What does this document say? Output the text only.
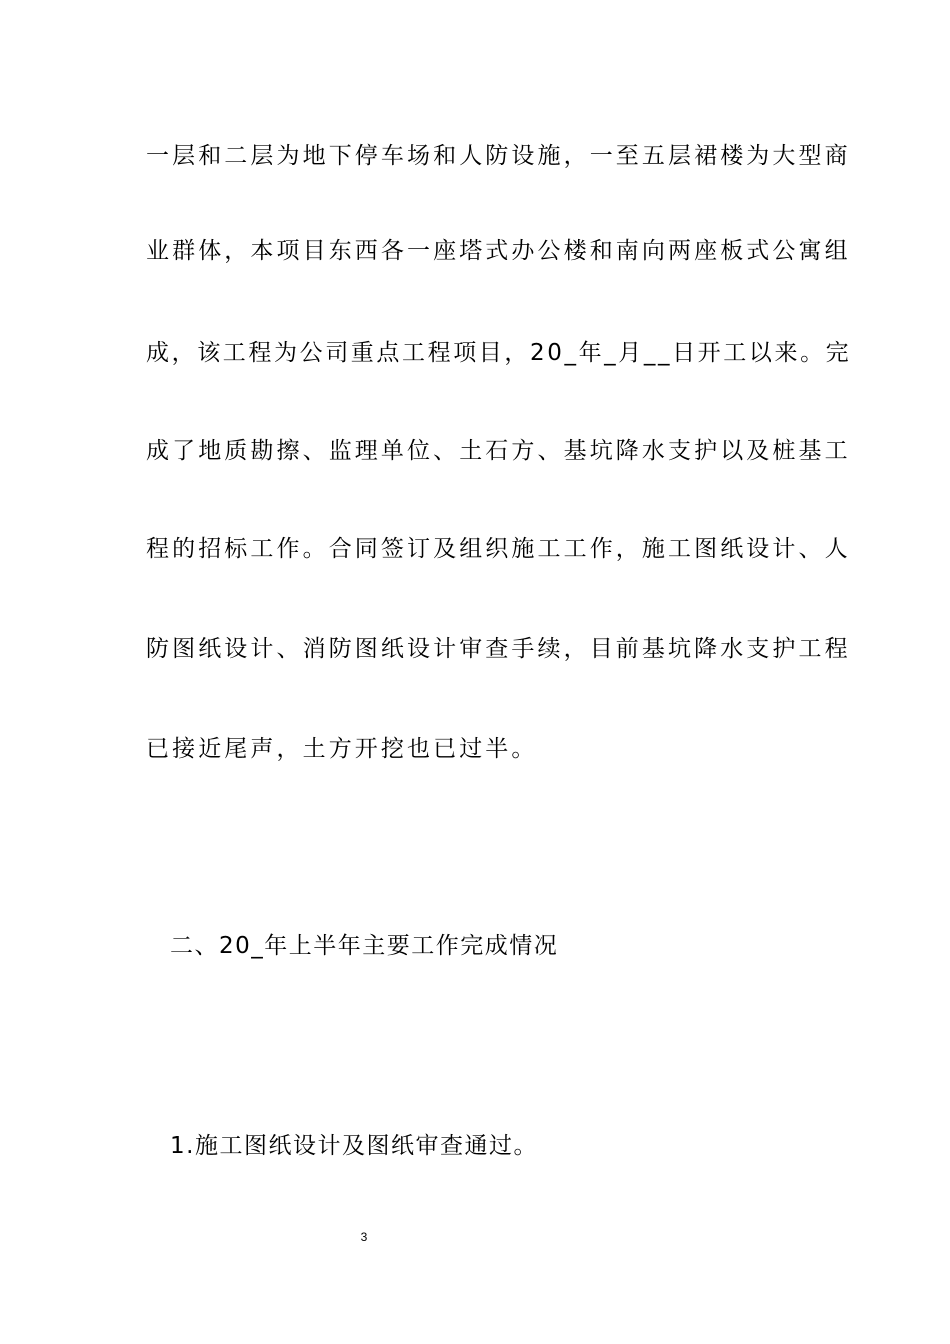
一层和二层为地下停车场和人防设施，一至五层裙楼为大型商
业群体，本项目东西各一座塔式办公楼和南向两座板式公寓组
成，该工程为公司重点工程项目，20_年_月__日开工以来。完
成了地质勘擦、监理单位、土石方、基坑降水支护以及桩基工
程的招标工作。合同签订及组织施工工作，施工图纸设计、人
防图纸设计、消防图纸设计审查手续，目前基坑降水支护工程
已接近尾声，土方开挖也已过半。
二、20_年上半年主要工作完成情况
1.施工图纸设计及图纸审查通过。
3
